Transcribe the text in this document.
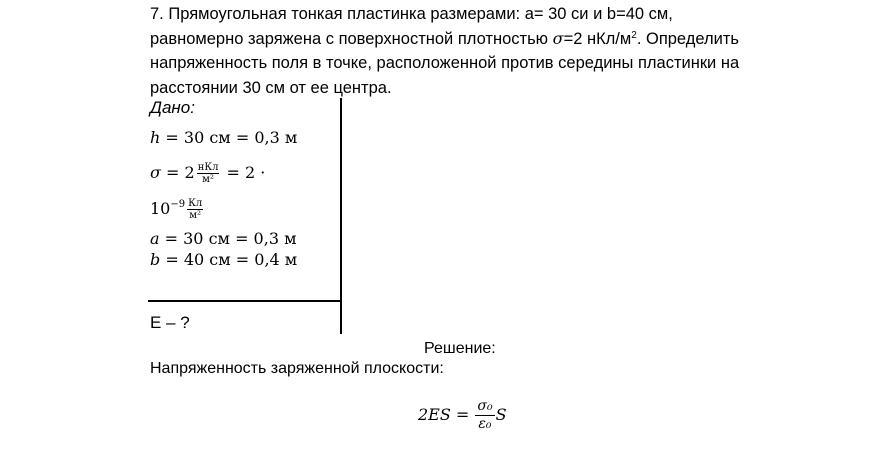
7. Прямоугольная тонкая пластинка размерами: a= 30 си и b=40 см,
равномерно заряжена с поверхностной плотностью σ=2 нКл/$м^2$. Определить
напряженность поля в точке, расположенной против середины пластинки на
расстоянии 30 см от ее центра.
Дано:
h = 30 см = 0,3 м
$\sigma = 2 \frac{\text{нКл}}{\text{м²}} = 2$ ·
$10^{-9} \frac{Кл}{\text{м²}}$
a = 30 см = 0,3 м
b = 40 см = 0,4 м
E – ?
Решение:
Напряженность заряженной плоскости:
$2ES = \frac{\text{σ₀}}{\text{ε₀}}$ S
